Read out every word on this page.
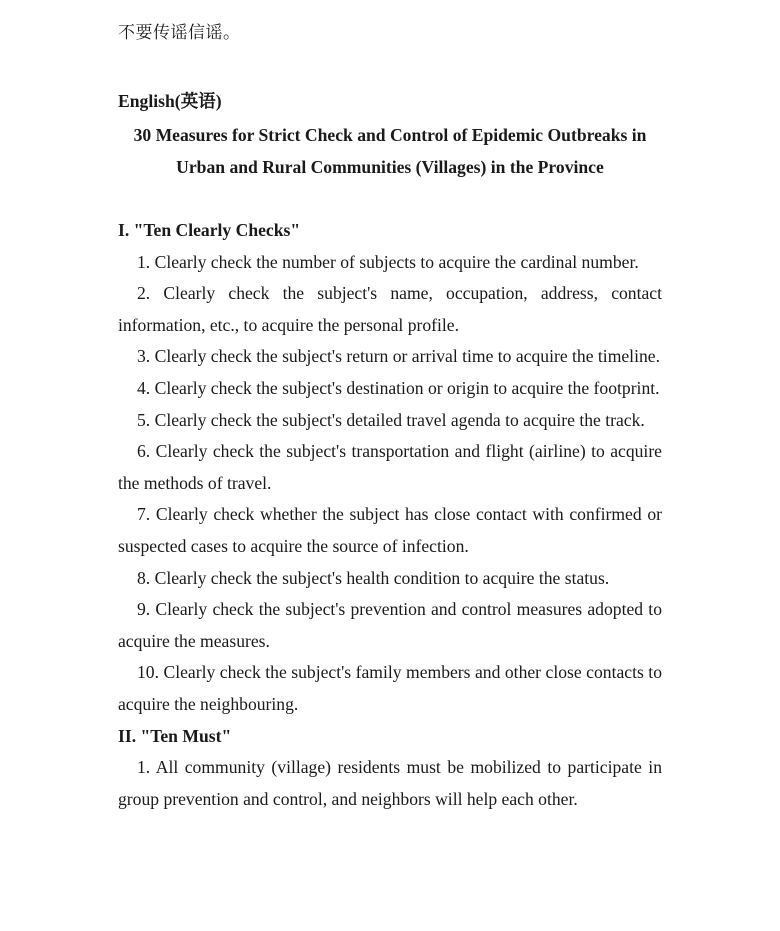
不要传谣信谣。
English(英语)
30 Measures for Strict Check and Control of Epidemic Outbreaks in
Urban and Rural Communities (Villages) in the Province

I. "Ten Clearly Checks"

1. Clearly check the number of subjects to acquire the cardinal number.

2. Clearly check the subject's name, occupation, address, contact information, etc., to acquire the personal profile.

3. Clearly check the subject's return or arrival time to acquire the timeline.

4. Clearly check the subject's destination or origin to acquire the footprint.

5. Clearly check the subject's detailed travel agenda to acquire the track.

6. Clearly check the subject's transportation and flight (airline) to acquire the methods of travel.

7. Clearly check whether the subject has close contact with confirmed or suspected cases to acquire the source of infection.

8. Clearly check the subject's health condition to acquire the status.

9. Clearly check the subject's prevention and control measures adopted to acquire the measures.

10. Clearly check the subject's family members and other close contacts to acquire the neighbouring.

II. "Ten Must"

1. All community (village) residents must be mobilized to participate in group prevention and control, and neighbors will help each other.
